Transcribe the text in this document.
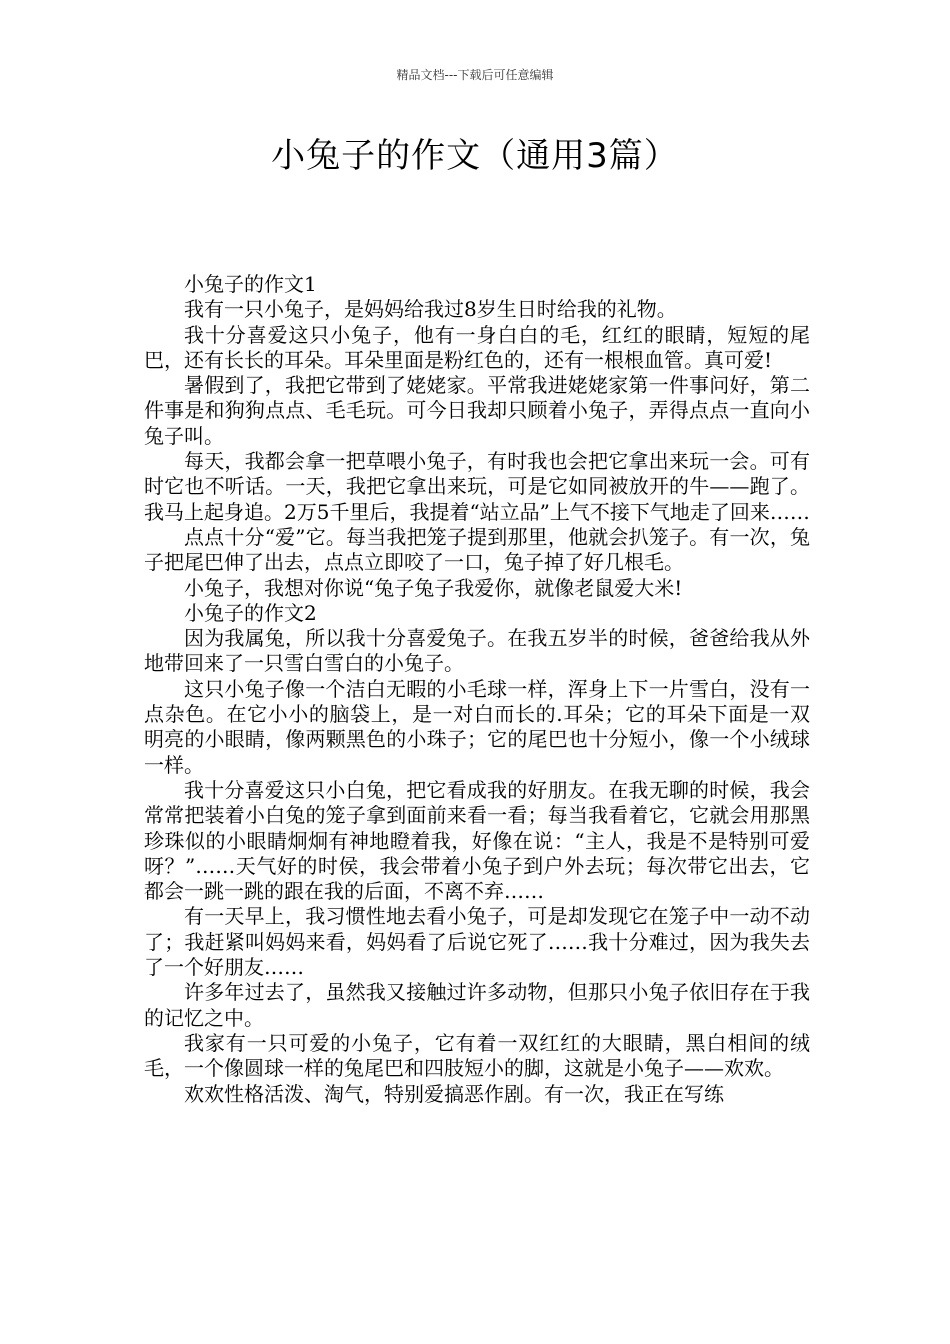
精品文档---下载后可任意编辑
小兔子的作文（通用3篇）

小兔子的作文1

我有一只小兔子，是妈妈给我过8岁生日时给我的礼物。

我十分喜爱这只小兔子，他有一身白白的毛，红红的眼睛，短短的尾巴，还有长长的耳朵。耳朵里面是粉红色的，还有一根根血管。真可爱!

暑假到了，我把它带到了姥姥家。平常我进姥姥家第一件事问好，第二件事是和狗狗点点、毛毛玩。可今日我却只顾着小兔子，弄得点点一直向小兔子叫。

每天，我都会拿一把草喂小兔子，有时我也会把它拿出来玩一会。可有时它也不听话。一天，我把它拿出来玩，可是它如同被放开的牛——跑了。我马上起身追。2万5千里后，我提着“站立品”上气不接下气地走了回来……

点点十分“爱”它。每当我把笼子提到那里，他就会扒笼子。有一次，兔子把尾巴伸了出去，点点立即咬了一口，兔子掉了好几根毛。

小兔子，我想对你说“兔子兔子我爱你，就像老鼠爱大米!

小兔子的作文2

因为我属兔，所以我十分喜爱兔子。在我五岁半的时候，爸爸给我从外地带回来了一只雪白雪白的小兔子。

这只小兔子像一个洁白无暇的小毛球一样，浑身上下一片雪白，没有一点杂色。在它小小的脑袋上，是一对白而长的.耳朵；它的耳朵下面是一双明亮的小眼睛，像两颗黑色的小珠子；它的尾巴也十分短小，像一个小绒球一样。

我十分喜爱这只小白兔，把它看成我的好朋友。在我无聊的时候，我会常常把装着小白兔的笼子拿到面前来看一看；每当我看着它，它就会用那黑珍珠似的小眼睛炯炯有神地瞪着我，好像在说：“主人，我是不是特别可爱呀？”……天气好的时侯，我会带着小兔子到户外去玩；每次带它出去，它都会一跳一跳的跟在我的后面，不离不弃……

有一天早上，我习惯性地去看小兔子，可是却发现它在笼子中一动不动了；我赶紧叫妈妈来看，妈妈看了后说它死了……我十分难过，因为我失去了一个好朋友……

许多年过去了，虽然我又接触过许多动物，但那只小兔子依旧存在于我的记忆之中。

我家有一只可爱的小兔子，它有着一双红红的大眼睛，黑白相间的绒毛，一个像圆球一样的兔尾巴和四肢短小的脚，这就是小兔子——欢欢。

欢欢性格活泼、淘气，特别爱搞恶作剧。有一次，我正在写练
